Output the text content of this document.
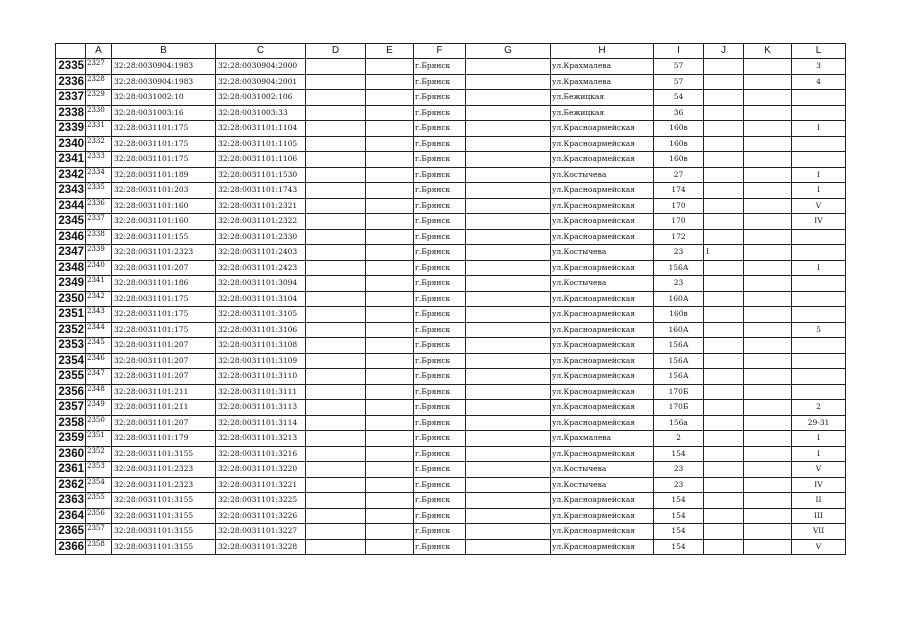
	A	B	C	D	E	F	G	H	I	J	K	L
2335	2327	32:28:0030904:1983	32:28:0030904:2000			г.Брянск		ул.Крахмалева	57			3
2336	2328	32:28:0030904:1983	32:28:0030904:2001			г.Брянск		ул.Крахмалева	57			4
2337	2329	32:28:0031002:10	32:28:0031002:106			г.Брянск		ул.Бежицкая	54			
2338	2330	32:28:0031003:16	32:28:0031003:33			г.Брянск		ул.Бежицкая	36			
2339	2331	32:28:0031101:175	32:28:0031101:1104			г.Брянск		ул.Красноармейская	160в			I
2340	2332	32:28:0031101:175	32:28:0031101:1105			г.Брянск		ул.Красноармейская	160в			
2341	2333	32:28:0031101:175	32:28:0031101:1106			г.Брянск		ул.Красноармейская	160в			
2342	2334	32:28:0031101:189	32:28:0031101:1530			г.Брянск		ул.Костычева	27			I
2343	2335	32:28:0031101:203	32:28:0031101:1743			г.Брянск		ул.Красноармейская	174			I
2344	2336	32:28:0031101:160	32:28:0031101:2321			г.Брянск		ул.Красноармейская	170			V
2345	2337	32:28:0031101:160	32:28:0031101:2322			г.Брянск		ул.Красноармейская	170			IV
2346	2338	32:28:0031101:155	32:28:0031101:2330			г.Брянск		ул.Красноармейская	172			
2347	2339	32:28:0031101:2323	32:28:0031101:2403			г.Брянск		ул.Костычева	23	I		
2348	2340	32:28:0031101:207	32:28:0031101:2423			г.Брянск		ул.Красноармейская	156А			I
2349	2341	32:28:0031101:186	32:28:0031101:3094			г.Брянск		ул.Костычева	23			
2350	2342	32:28:0031101:175	32:28:0031101:3104			г.Брянск		ул.Красноармейская	160А			
2351	2343	32:28:0031101:175	32:28:0031101:3105			г.Брянск		ул.Красноармейская	160в			
2352	2344	32:28:0031101:175	32:28:0031101:3106			г.Брянск		ул.Красноармейская	160А			5
2353	2345	32:28:0031101:207	32:28:0031101:3108			г.Брянск		ул.Красноармейская	156А			
2354	2346	32:28:0031101:207	32:28:0031101:3109			г.Брянск		ул.Красноармейская	156А			
2355	2347	32:28:0031101:207	32:28:0031101:3110			г.Брянск		ул.Красноармейская	156А			
2356	2348	32:28:0031101:211	32:28:0031101:3111			г.Брянск		ул.Красноармейская	170Б			
2357	2349	32:28:0031101:211	32:28:0031101:3113			г.Брянск		ул.Красноармейская	170Б			2
2358	2350	32:28:0031101:207	32:28:0031101:3114			г.Брянск		ул.Красноармейская	156а			29-31
2359	2351	32:28:0031101:179	32:28:0031101:3213			г.Брянск		ул.Крахмалева	2			I
2360	2352	32:28:0031101:3155	32:28:0031101:3216			г.Брянск		ул.Красноармейская	154			I
2361	2353	32:28:0031101:2323	32:28:0031101:3220			г.Брянск		ул.Костычева	23			V
2362	2354	32:28:0031101:2323	32:28:0031101:3221			г.Брянск		ул.Костычева	23			IV
2363	2355	32:28:0031101:3155	32:28:0031101:3225			г.Брянск		ул.Красноармейская	154			II
2364	2356	32:28:0031101:3155	32:28:0031101:3226			г.Брянск		ул.Красноармейская	154			III
2365	2357	32:28:0031101:3155	32:28:0031101:3227			г.Брянск		ул.Красноармейская	154			VII
2366	2358	32:28:0031101:3155	32:28:0031101:3228			г.Брянск		ул.Красноармейская	154			V
